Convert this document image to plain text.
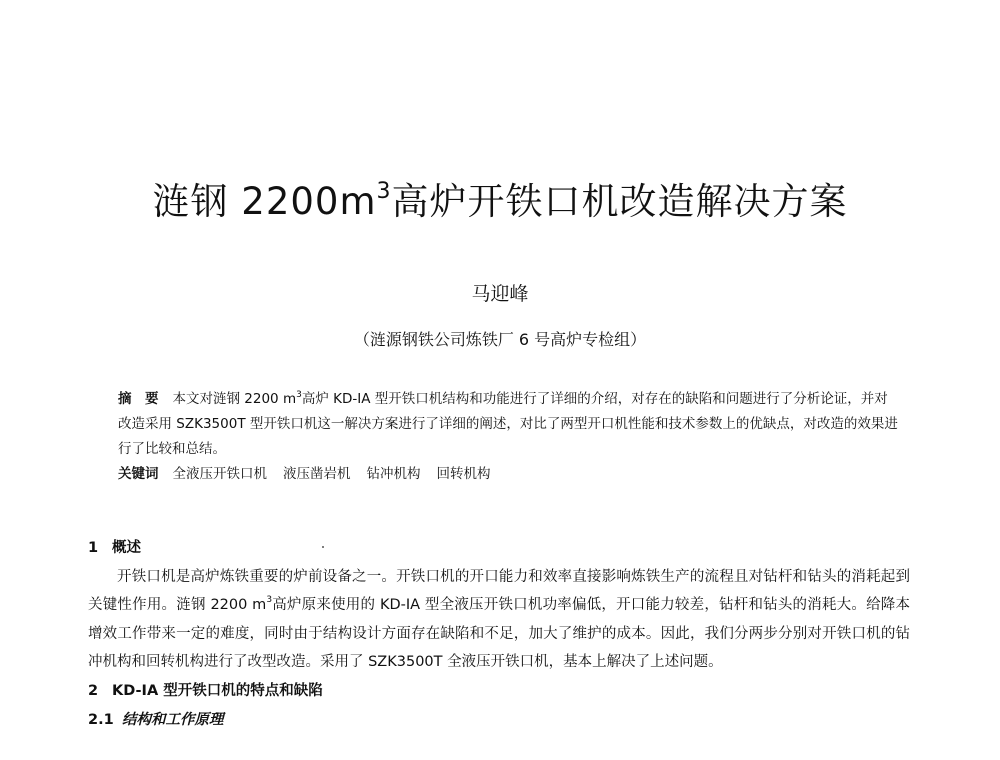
涟钢 $2200m^3$高炉开铁口机改造解决方案
马迎峰
（涟源钢铁公司炼铁厂 6 号高炉专检组）

摘　要 本文对涟钢 2200 $m^3$高炉 KD-IA 型开铁口机结构和功能进行了详细的介绍，对存在的缺陷和问题进行了分析论证，并对改造采用 SZK3500T 型开铁口机这一解决方案进行了详细的阐述，对比了两型开口机性能和技术参数上的优缺点，对改造的效果进行了比较和总结。

关键词 全液压开铁口机 液压凿岩机 钻冲机构 回转机构

1 概述

开铁口机是高炉炼铁重要的炉前设备之一。开铁口机的开口能力和效率直接影响炼铁生产的流程且对钻杆和钻头的消耗起到关键性作用。涟钢 2200 $m^3$高炉原来使用的 KD-IA 型全液压开铁口机功率偏低，开口能力较差，钻杆和钻头的消耗大。给降本增效工作带来一定的难度，同时由于结构设计方面存在缺陷和不足，加大了维护的成本。因此，我们分两步分别对开铁口机的钻冲机构和回转机构进行了改型改造。采用了 SZK3500T 全液压开铁口机，基本上解决了上述问题。

2 KD-IA 型开铁口机的特点和缺陷

2.1 结构和工作原理
